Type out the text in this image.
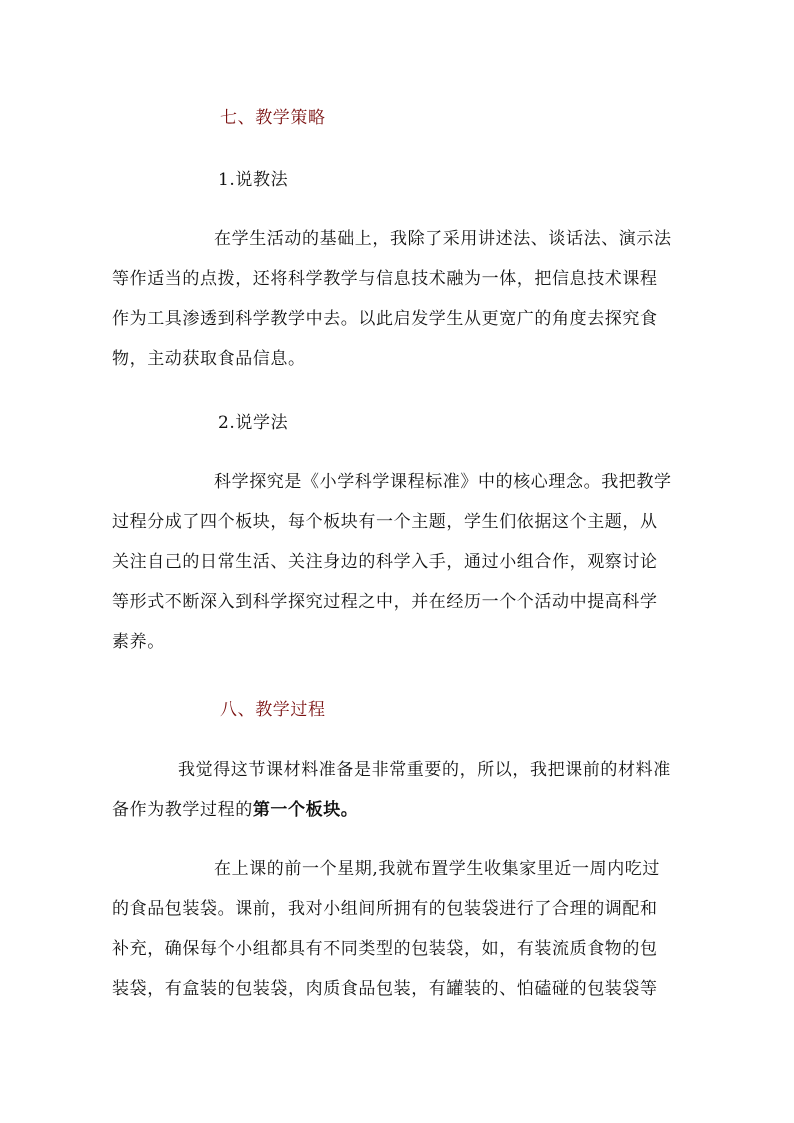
七、教学策略
1.说教法
在学生活动的基础上，我除了采用讲述法、谈话法、演示法
等作适当的点拨，还将科学教学与信息技术融为一体，把信息技术课程
作为工具渗透到科学教学中去。以此启发学生从更宽广的角度去探究食
物，主动获取食品信息。
2.说学法
科学探究是《小学科学课程标准》中的核心理念。我把教学
过程分成了四个板块，每个板块有一个主题，学生们依据这个主题，从
关注自己的日常生活、关注身边的科学入手，通过小组合作，观察讨论
等形式不断深入到科学探究过程之中，并在经历一个个活动中提高科学
素养。
八、教学过程
我觉得这节课材料准备是非常重要的，所以，我把课前的材料准
备作为教学过程的第一个板块。
在上课的前一个星期,我就布置学生收集家里近一周内吃过
的食品包装袋。课前，我对小组间所拥有的包装袋进行了合理的调配和
补充，确保每个小组都具有不同类型的包装袋，如，有装流质食物的包
装袋，有盒装的包装袋，肉质食品包装，有罐装的、怕磕碰的包装袋等
